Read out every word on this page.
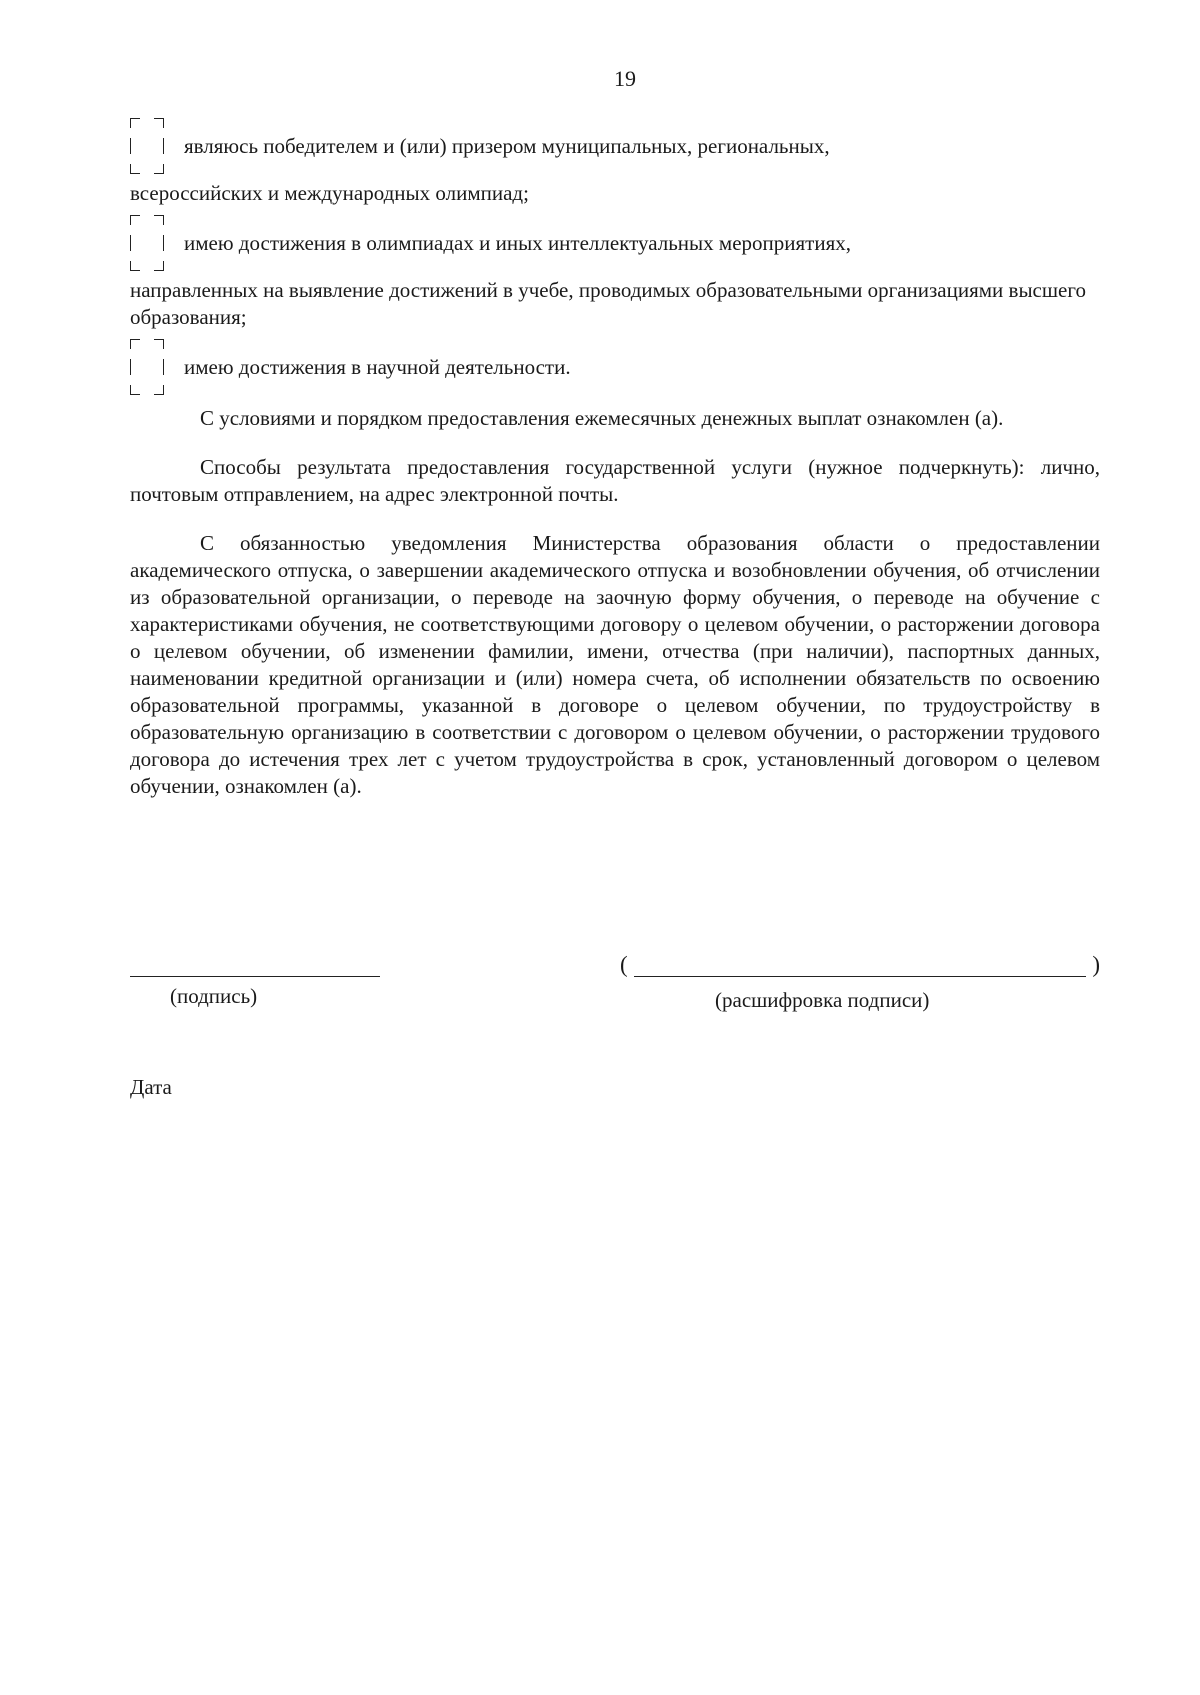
19
являюсь победителем и (или) призером муниципальных, региональных,
всероссийских и международных олимпиад;
имею достижения в олимпиадах и иных интеллектуальных мероприятиях,
направленных на выявление достижений в учебе, проводимых образовательными организациями высшего образования;
имею достижения в научной деятельности.

С условиями и порядком предоставления ежемесячных денежных выплат ознакомлен (а).

Способы результата предоставления государственной услуги (нужное подчеркнуть): лично, почтовым отправлением, на адрес электронной почты.

С обязанностью уведомления Министерства образования области о предоставлении академического отпуска, о завершении академического отпуска и возобновлении обучения, об отчислении из образовательной организации, о переводе на заочную форму обучения, о переводе на обучение с характеристиками обучения, не соответствующими договору о целевом обучении, о расторжении договора о целевом обучении, об изменении фамилии, имени, отчества (при наличии), паспортных данных, наименовании кредитной организации и (или) номера счета, об исполнении обязательств по освоению образовательной программы, указанной в договоре о целевом обучении, по трудоустройству в образовательную организацию в соответствии с договором о целевом обучении, о расторжении трудового договора до истечения трех лет с учетом трудоустройства в срок, установленный договором о целевом обучении, ознакомлен (а).

(подпись)
(	)
(расшифровка подписи)
Дата
